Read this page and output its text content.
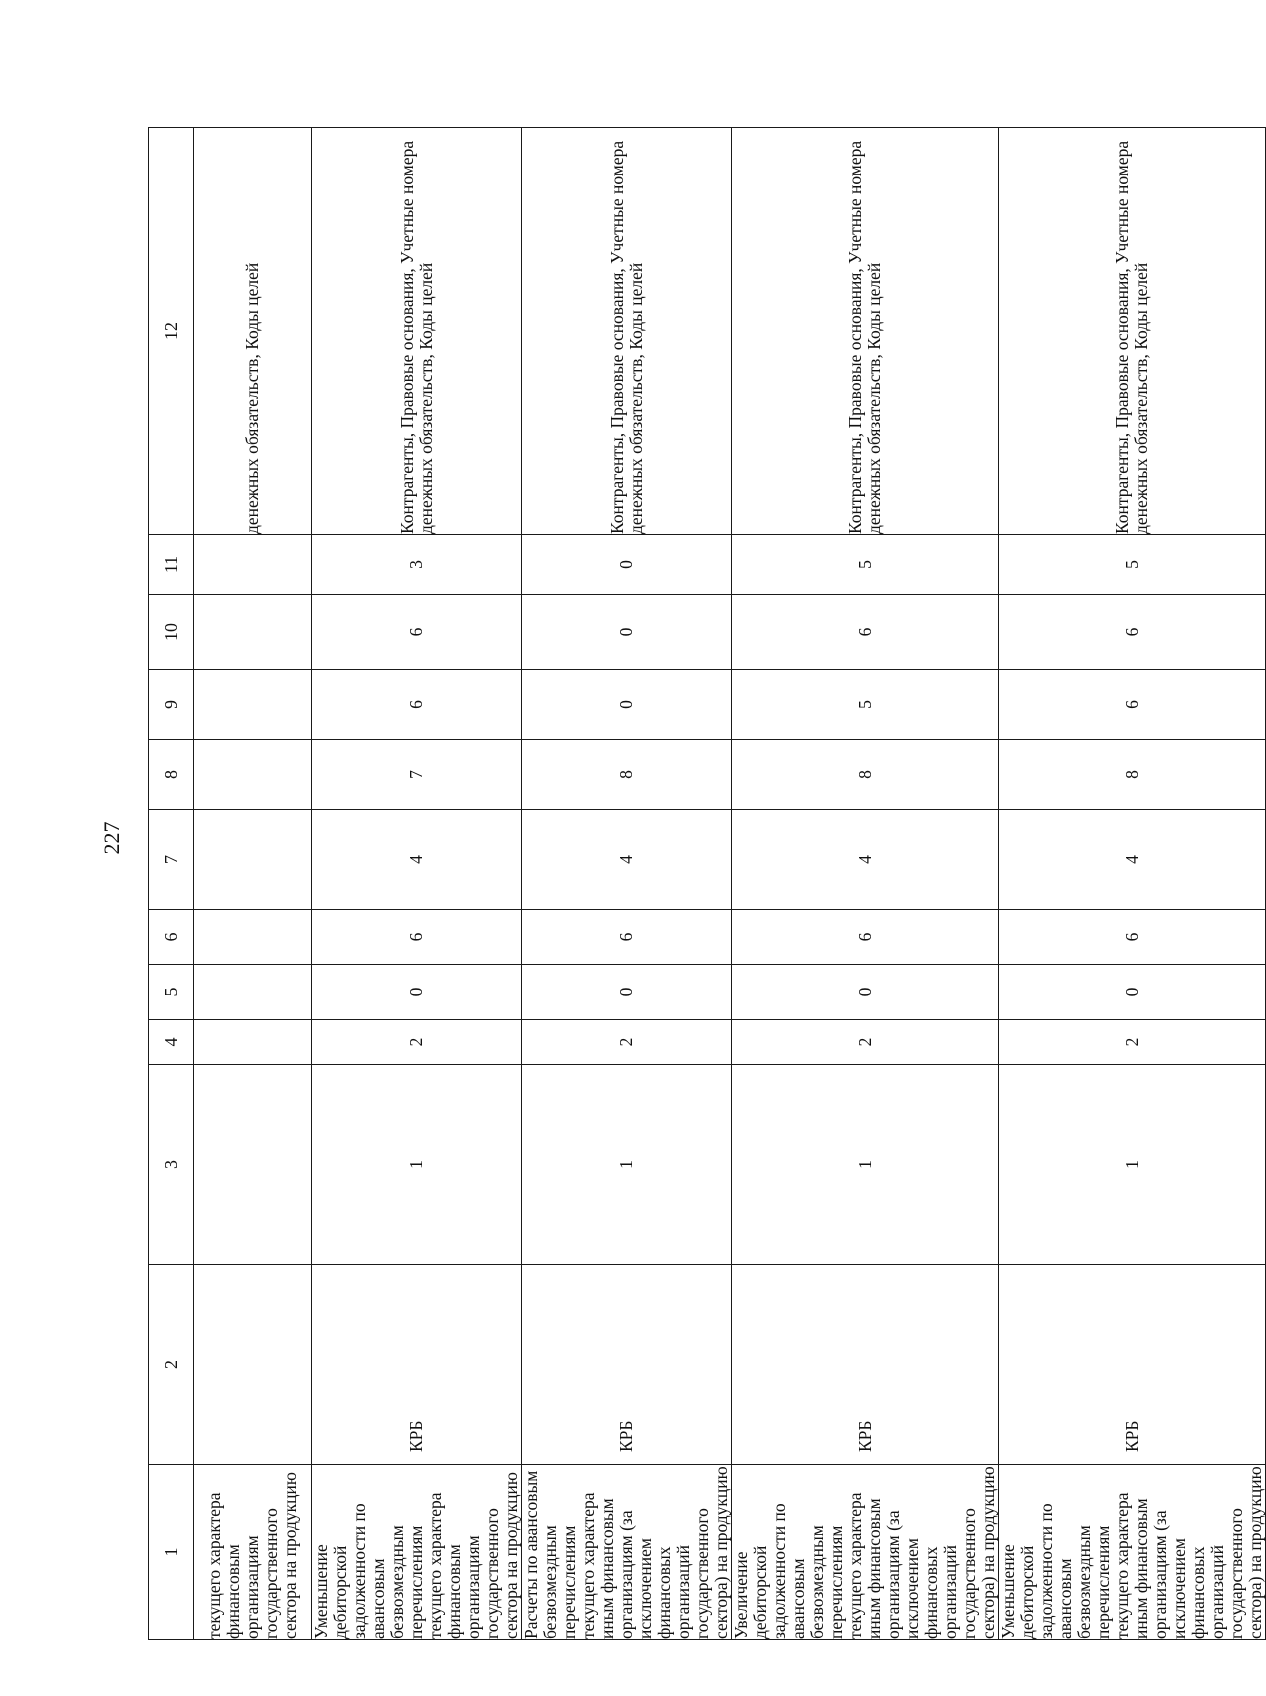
227
1	2	3	4	5	6	7	8	9	10	11	12
текущего характера финансовым организациям государственного сектора на продукцию											денежных обязательств, Коды целей
Уменьшение дебиторской задолженности по авансовым безвозмездным перечислениям текущего характера финансовым организациям государственного сектора на продукцию	КРБ	1	2	0	6	4	7	6	6	3	Контрагенты, Правовые основания, Учетные номера денежных обязательств, Коды целей
Расчеты по авансовым безвозмездным перечислениям текущего характера иным финансовым организациям (за исключением финансовых организаций государственного сектора) на продукцию	КРБ	1	2	0	6	4	8	0	0	0	Контрагенты, Правовые основания, Учетные номера денежных обязательств, Коды целей
Увеличение дебиторской задолженности по авансовым безвозмездным перечислениям текущего характера иным финансовым организациям (за исключением финансовых организаций государственного сектора) на продукцию	КРБ	1	2	0	6	4	8	5	6	5	Контрагенты, Правовые основания, Учетные номера денежных обязательств, Коды целей
Уменьшение дебиторской задолженности по авансовым безвозмездным перечислениям текущего характера иным финансовым организациям (за исключением финансовых организаций государственного сектора) на продукцию	КРБ	1	2	0	6	4	8	6	6	5	Контрагенты, Правовые основания, Учетные номера денежных обязательств, Коды целей
